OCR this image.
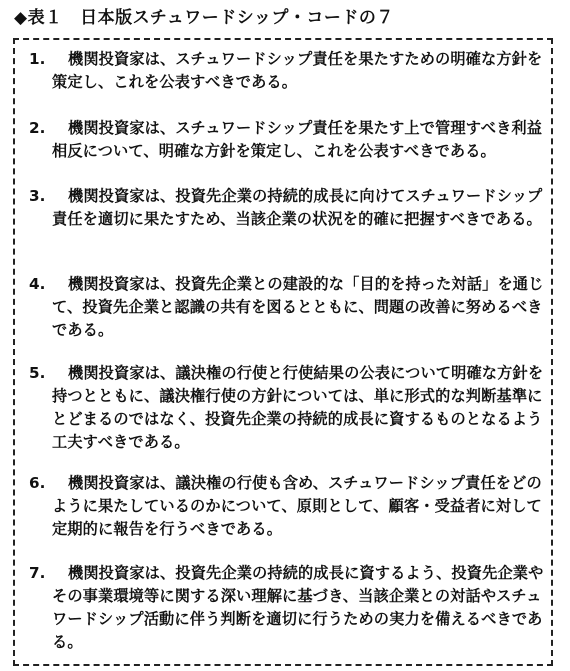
◆表１　日本版スチュワードシップ・コードの７
1.	機関投資家は、スチュワードシップ責任を果たすための明確な方針を策定し、これを公表すべきである。
2.	機関投資家は、スチュワードシップ責任を果たす上で管理すべき利益相反について、明確な方針を策定し、これを公表すべきである。
3.	機関投資家は、投資先企業の持続的成長に向けてスチュワードシップ責任を適切に果たすため、当該企業の状況を的確に把握すべきである。
4.	機関投資家は、投資先企業との建設的な「目的を持った対話」を通じて、投資先企業と認識の共有を図るとともに、問題の改善に努めるべきである。
5.	機関投資家は、議決権の行使と行使結果の公表について明確な方針を持つとともに、議決権行使の方針については、単に形式的な判断基準にとどまるのではなく、投資先企業の持続的成長に資するものとなるよう工夫すべきである。
6.	機関投資家は、議決権の行使も含め、スチュワードシップ責任をどのように果たしているのかについて、原則として、顧客・受益者に対して定期的に報告を行うべきである。
7.	機関投資家は、投資先企業の持続的成長に資するよう、投資先企業やその事業環境等に関する深い理解に基づき、当該企業との対話やスチュワードシップ活動に伴う判断を適切に行うための実力を備えるべきである。
